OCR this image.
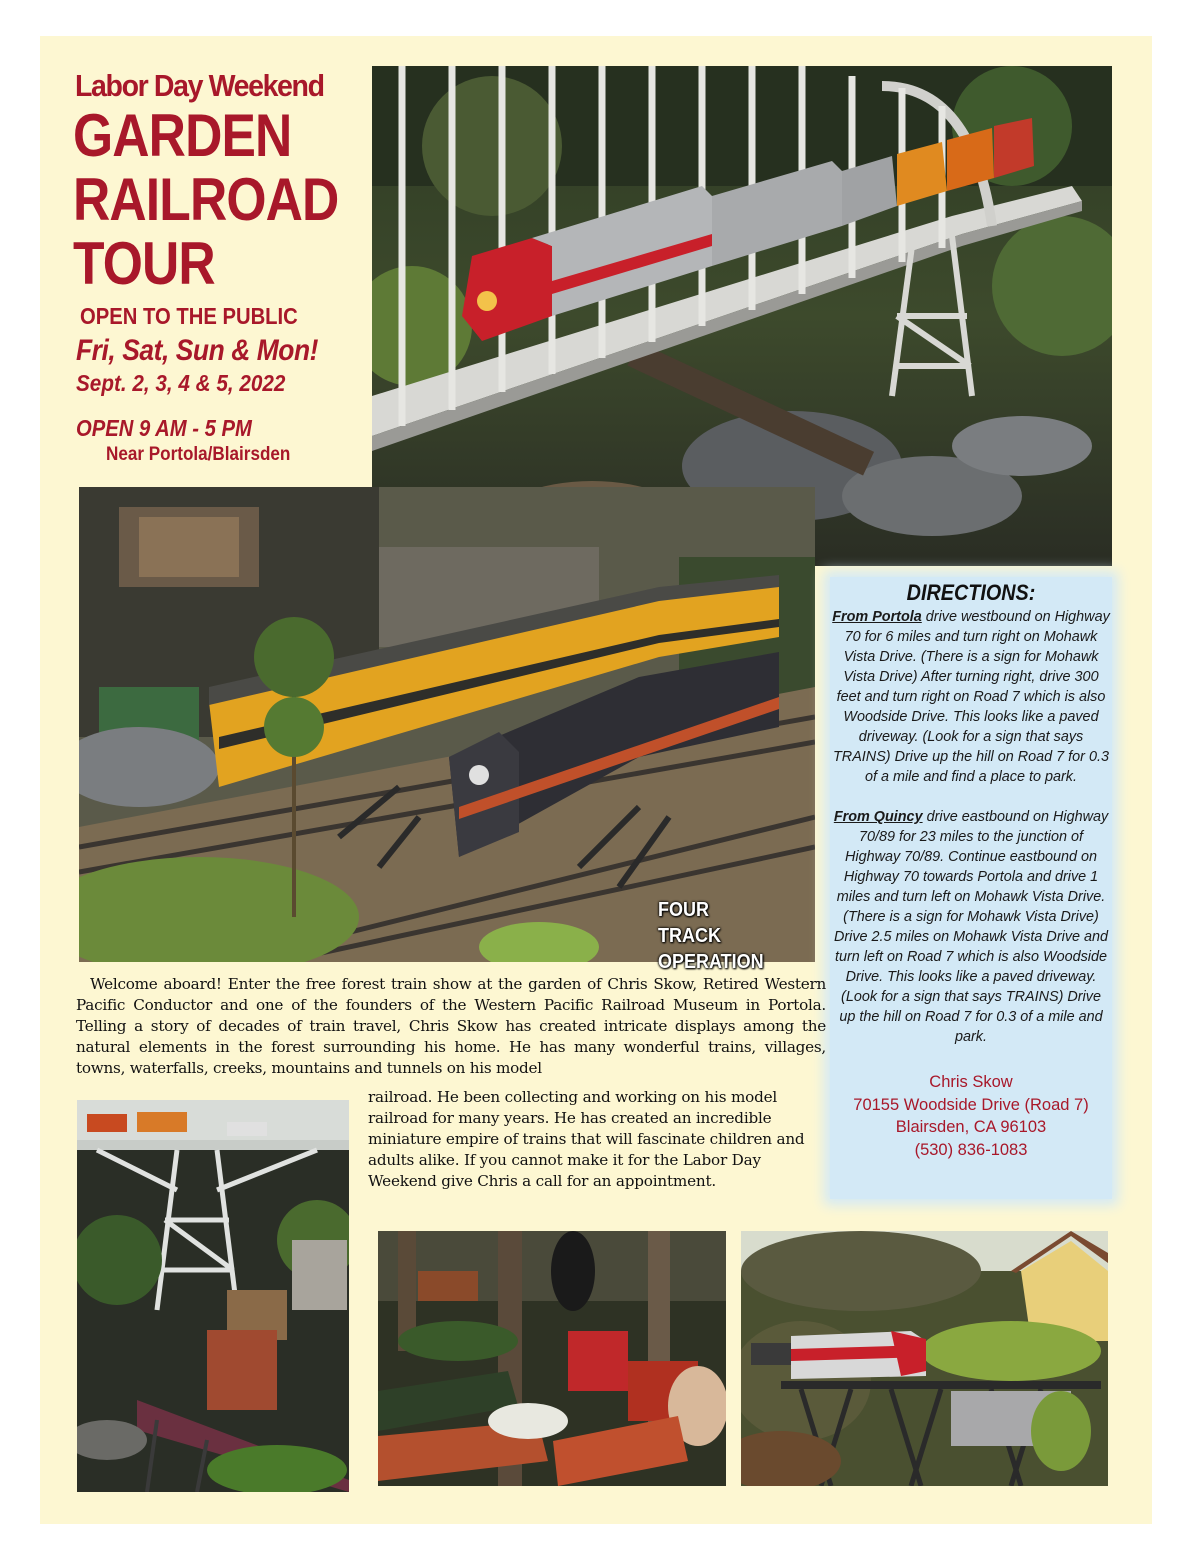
Labor Day Weekend
GARDEN
RAILROAD
TOUR
OPEN TO THE PUBLIC
Fri, Sat, Sun & Mon!
Sept. 2, 3, 4 & 5, 2022
OPEN 9 AM - 5 PM
Near Portola/Blairsden
FOUR TRACK
OPERATION
DIRECTIONS:
From Portola drive westbound on Highway 70 for 6 miles and turn right on Mohawk Vista Drive. (There is a sign for Mohawk Vista Drive) After turning right, drive 300 feet and turn right on Road 7 which is also Woodside Drive. This looks like a paved driveway. (Look for a sign that says TRAINS) Drive up the hill on Road 7 for 0.3 of a mile and find a place to park.
From Quincy drive eastbound on Highway 70/89 for 23 miles to the junction of Highway 70/89. Continue eastbound on Highway 70 towards Portola and drive 1 miles and turn left on Mohawk Vista Drive. (There is a sign for Mohawk Vista Drive) Drive 2.5 miles on Mohawk Vista Drive and turn left on Road 7 which is also Woodside Drive. This looks like a paved driveway. (Look for a sign that says TRAINS) Drive up the hill on Road 7 for 0.3 of a mile and park.
Chris Skow
70155 Woodside Drive (Road 7)
Blairsden, CA 96103
(530) 836-1083
Welcome aboard! Enter the free forest train show at the garden of Chris Skow, Retired Western Pacific Conductor and one of the founders of the Western Pacific Railroad Museum in Portola. Telling a story of decades of train travel, Chris Skow has created intricate displays among the natural elements in the forest surrounding his home. He has many wonderful trains, villages, towns, waterfalls, creeks, mountains and tunnels on his model
railroad. He been collecting and working on his model railroad for many years. He has created an incredible miniature empire of trains that will fascinate children and adults alike. If you cannot make it for the Labor Day Weekend give Chris a call for an appointment.
